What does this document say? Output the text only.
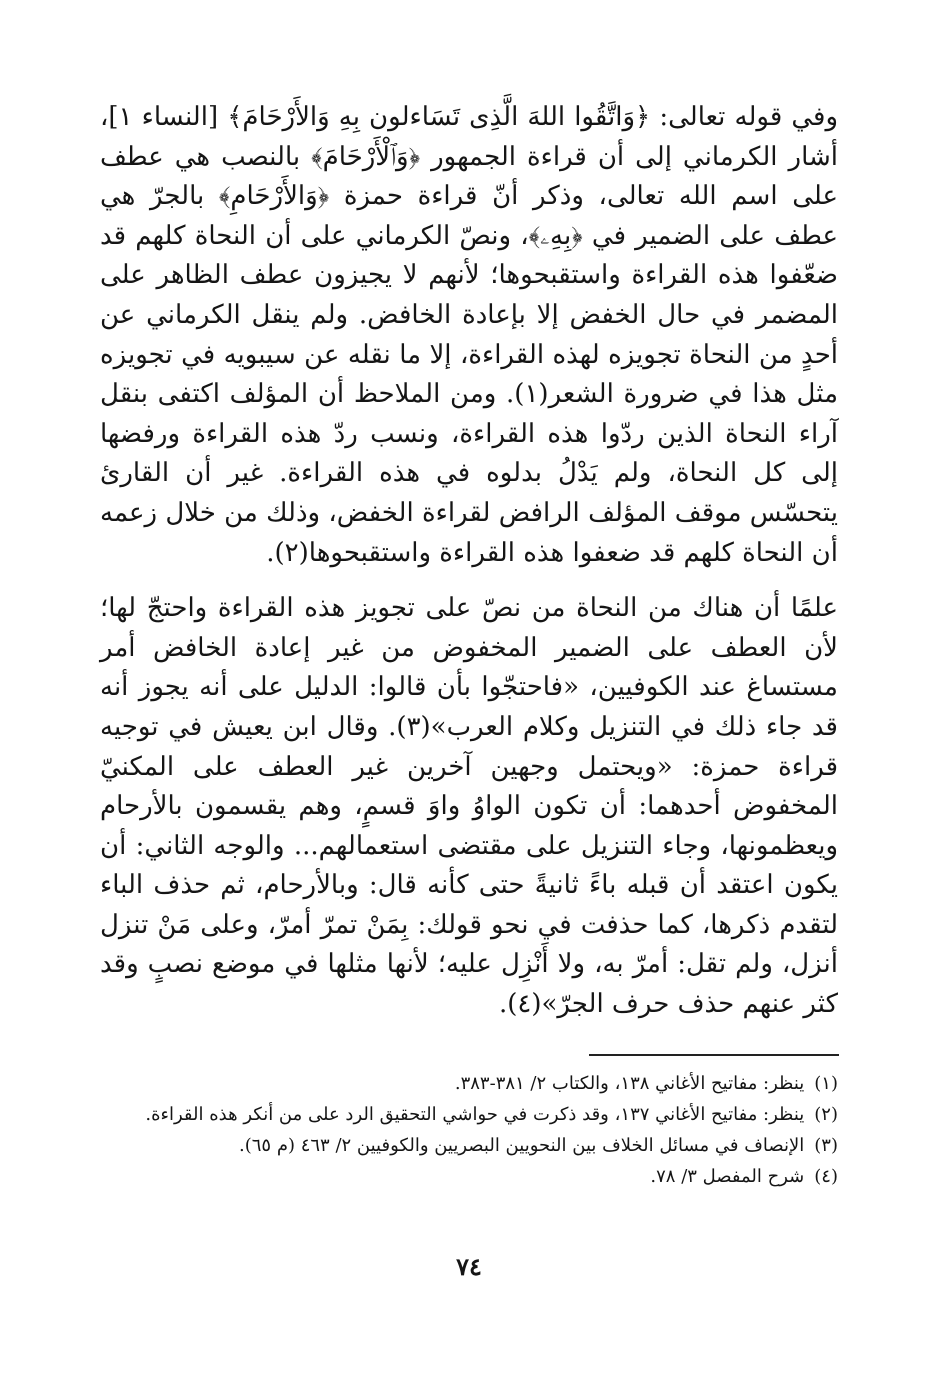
وفي قوله تعالى: ﴿وَاتَّقُوا اللهَ الَّذِى تَسَاءلون بِهِ وَالأَرْحَامَ﴾ [النساء ١]، أشار الكرماني إلى أن قراءة الجمهور ﴿وَٱلْأَرْحَامَ﴾ بالنصب هي عطف على اسم الله تعالى، وذكر أنّ قراءة حمزة ﴿وَالأَرْحَامِ﴾ بالجرّ هي عطف على الضمير في ﴿بِهِۦ﴾، ونصّ الكرماني على أن النحاة كلهم قد ضعّفوا هذه القراءة واستقبحوها؛ لأنهم لا يجيزون عطف الظاهر على المضمر في حال الخفض إلا بإعادة الخافض. ولم ينقل الكرماني عن أحدٍ من النحاة تجويزه لهذه القراءة، إلا ما نقله عن سيبويه في تجويزه مثل هذا في ضرورة الشعر(١). ومن الملاحظ أن المؤلف اكتفى بنقل آراء النحاة الذين ردّوا هذه القراءة، ونسب ردّ هذه القراءة ورفضها إلى كل النحاة، ولم يَدْلُ بدلوه في هذه القراءة. غير أن القارئ يتحسّس موقف المؤلف الرافض لقراءة الخفض، وذلك من خلال زعمه أن النحاة كلهم قد ضعفوا هذه القراءة واستقبحوها(٢).

علمًا أن هناك من النحاة من نصّ على تجويز هذه القراءة واحتجّ لها؛ لأن العطف على الضمير المخفوض من غير إعادة الخافض أمر مستساغ عند الكوفيين، «فاحتجّوا بأن قالوا: الدليل على أنه يجوز أنه قد جاء ذلك في التنزيل وكلام العرب»(٣). وقال ابن يعيش في توجيه قراءة حمزة: «ويحتمل وجهين آخرين غير العطف على المكنيّ المخفوض أحدهما: أن تكون الواوُ واوَ قسمٍ، وهم يقسمون بالأرحام ويعظمونها، وجاء التنزيل على مقتضى استعمالهم... والوجه الثاني: أن يكون اعتقد أن قبله باءً ثانيةً حتى كأنه قال: وبالأرحام، ثم حذف الباء لتقدم ذكرها، كما حذفت في نحو قولك: بِمَنْ تمرّ أمرّ، وعلى مَنْ تنزل أنزل، ولم تقل: أمرّ به، ولا أَنْزِل عليه؛ لأنها مثلها في موضع نصبٍ وقد كثر عنهم حذف حرف الجرّ»(٤).

(١)
ينظر: مفاتيح الأغاني ١٣٨، والكتاب ٢/ ٣٨١-٣٨٣.
(٢)
ينظر: مفاتيح الأغاني ١٣٧، وقد ذكرت في حواشي التحقيق الرد على من أنكر هذه القراءة.
(٣)
الإنصاف في مسائل الخلاف بين النحويين البصريين والكوفيين ٢/ ٤٦٣ (م ٦٥).
(٤)
شرح المفصل ٣/ ٧٨.
٧٤
